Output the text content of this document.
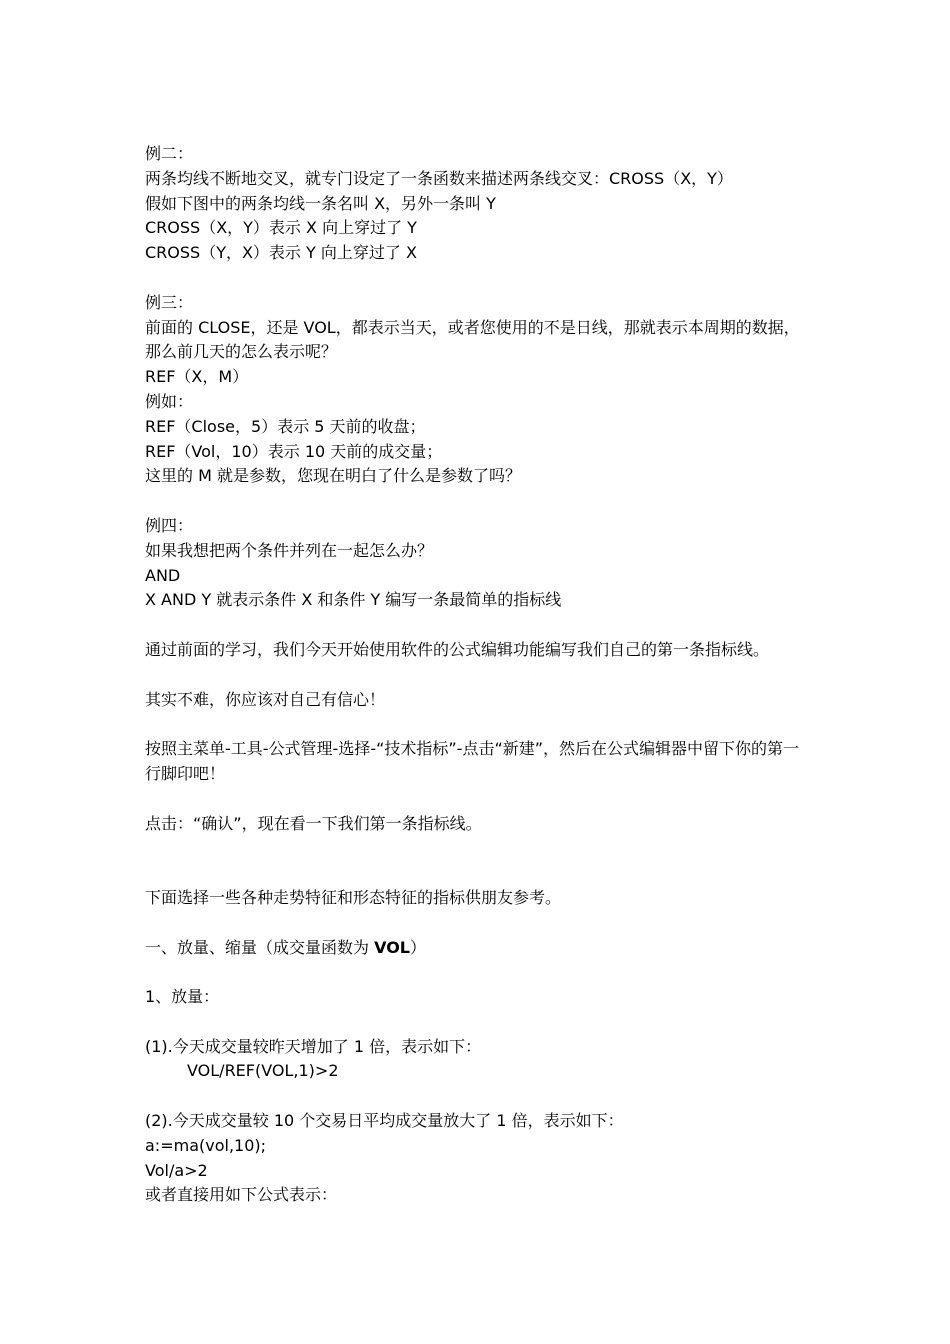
例二：
两条均线不断地交叉，就专门设定了一条函数来描述两条线交叉：CROSS（X，Y）
假如下图中的两条均线一条名叫 X，另外一条叫 Y
CROSS（X，Y）表示 X 向上穿过了 Y
CROSS（Y，X）表示 Y 向上穿过了 X
例三：
前面的 CLOSE，还是 VOL，都表示当天，或者您使用的不是日线，那就表示本周期的数据，
那么前几天的怎么表示呢？
REF（X，M）
例如：
REF（Close，5）表示 5 天前的收盘；
REF（Vol，10）表示 10 天前的成交量；
这里的 M 就是参数，您现在明白了什么是参数了吗？
例四：
如果我想把两个条件并列在一起怎么办？
AND
X AND Y 就表示条件 X 和条件 Y 编写一条最简单的指标线
通过前面的学习，我们今天开始使用软件的公式编辑功能编写我们自己的第一条指标线。
其实不难，你应该对自己有信心！
按照主菜单-工具-公式管理-选择-“技术指标”-点击“新建”，然后在公式编辑器中留下你的第一
行脚印吧！
点击：“确认”，现在看一下我们第一条指标线。
下面选择一些各种走势特征和形态特征的指标供朋友参考。
一、放量、缩量（成交量函数为 VOL）
1、放量：
(1).今天成交量较昨天增加了 1 倍，表示如下：
VOL/REF(VOL,1)>2
(2).今天成交量较 10 个交易日平均成交量放大了 1 倍，表示如下：
a:=ma(vol,10);
Vol/a>2
或者直接用如下公式表示：
